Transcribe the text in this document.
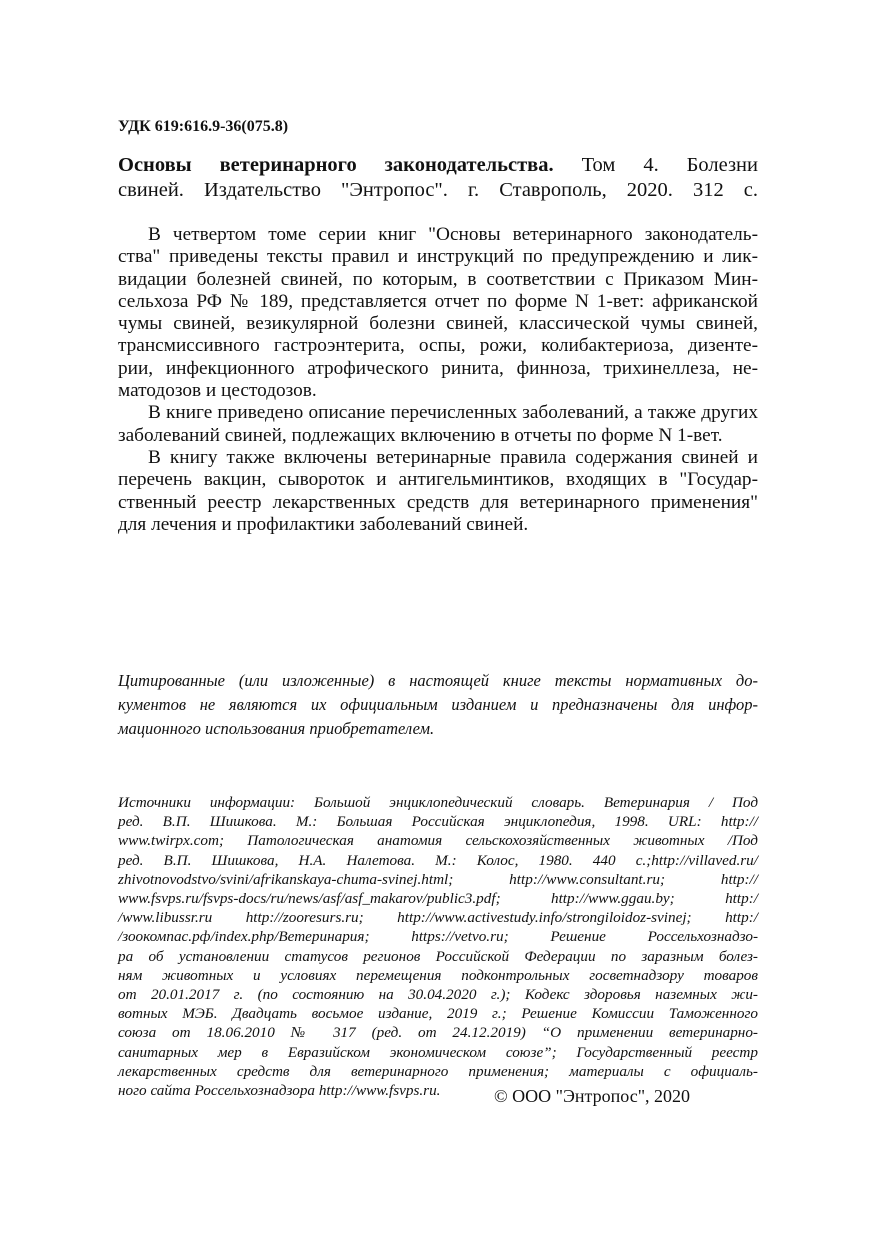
УДК 619:616.9-36(075.8)
Основы ветеринарного законодательства. Том 4. Болезни
свиней. Издательство "Энтропос". г. Ставрополь, 2020. 312 с.
В четвертом томе серии книг "Основы ветеринарного законодатель-
ства" приведены тексты правил и инструкций по предупреждению и лик-
видации болезней свиней, по которым, в соответствии с Приказом Мин-
сельхоза РФ № 189, представляется отчет по форме N 1-вет: африканской
чумы свиней, везикулярной болезни свиней, классической чумы свиней,
трансмиссивного гастроэнтерита, оспы, рожи, колибактериоза, дизенте-
рии, инфекционного атрофического ринита, финноза, трихинеллеза, не-
матодозов и цестодозов.
В книге приведено описание перечисленных заболеваний, а также других
заболеваний свиней, подлежащих включению в отчеты по форме N 1-вет.
В книгу также включены ветеринарные правила содержания свиней и
перечень вакцин, сывороток и антигельминтиков, входящих в "Государ-
ственный реестр лекарственных средств для ветеринарного применения"
для лечения и профилактики заболеваний свиней.
Цитированные (или изложенные) в настоящей книге тексты нормативных до-
кументов не являются их официальным изданием и предназначены для инфор-
мационного использования приобретателем.
Источники информации: Большой энциклопедический словарь. Ветеринария / Под
ред. В.П. Шишкова. М.: Большая Российская энциклопедия, 1998. URL: http://
www.twirpx.com; Патологическая анатомия сельскохозяйственных животных /Под
ред. В.П. Шишкова, Н.А. Налетова. М.: Колос, 1980. 440 с.;http://villaved.ru/
zhivotnovodstvo/svini/afrikanskaya-chuma-svinej.html; http://www.consultant.ru; http://
www.fsvps.ru/fsvps-docs/ru/news/asf/asf_makarov/public3.pdf; http://www.ggau.by; http:/
/www.libussr.ru http://zooresurs.ru; http://www.activestudy.info/strongiloidoz-svinej; http:/
/зоокомпас.рф/index.php/Ветеринария; https://vetvo.ru; Решение Россельхознадзо-
ра об установлении статусов регионов Российской Федерации по заразным болез-
ням животных и условиях перемещения подконтрольных госветнадзору товаров
от 20.01.2017 г. (по состоянию на 30.04.2020 г.); Кодекс здоровья наземных жи-
вотных МЭБ. Двадцать восьмое издание, 2019 г.; Решение Комиссии Таможенного
союза от 18.06.2010 № 317 (ред. от 24.12.2019) “О применении ветеринарно-
санитарных мер в Евразийском экономическом союзе”; Государственный реестр
лекарственных средств для ветеринарного применения; материалы с официаль-
ного сайта Россельхознадзора http://www.fsvps.ru.	© ООО "Энтропос", 2020
